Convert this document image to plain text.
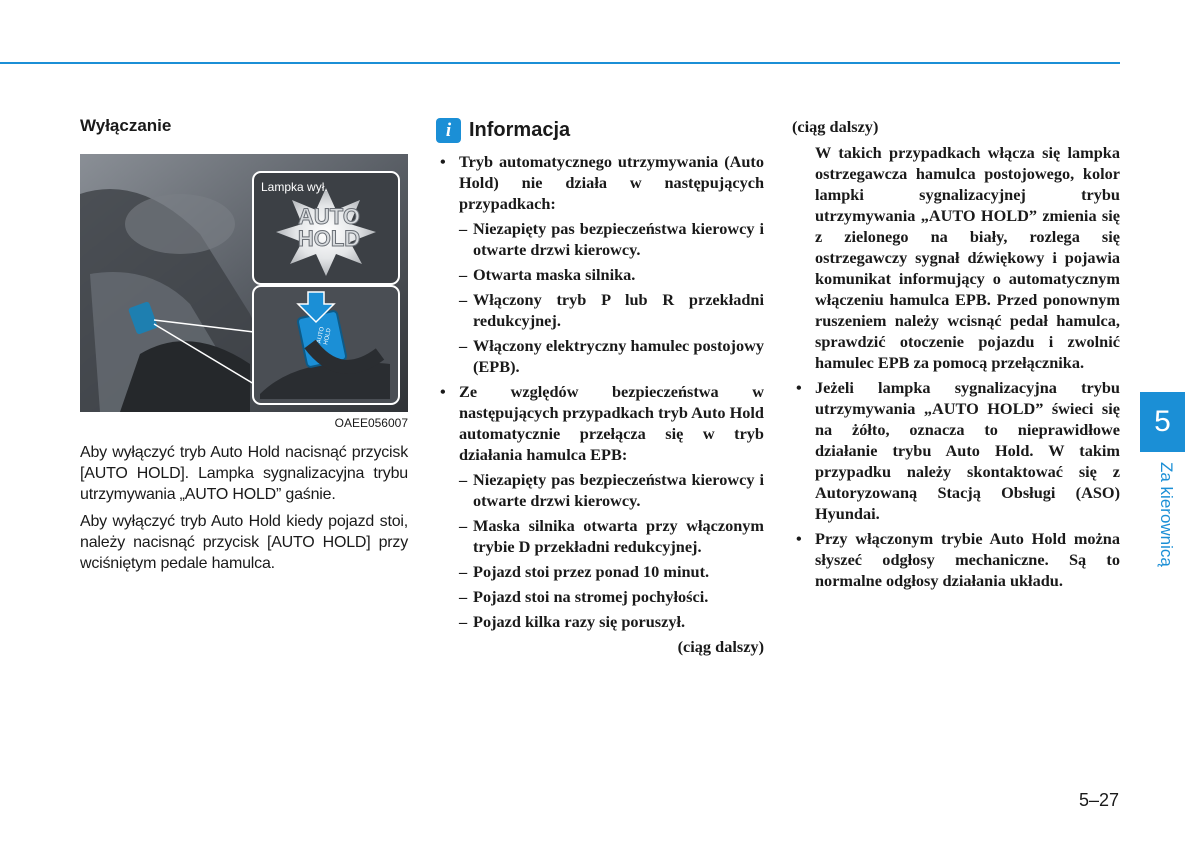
Wyłączanie
Lampka wył.
AUTO
HOLD
AUTO
HOLD
OAEE056007

Aby wyłączyć tryb Auto Hold nacisnąć przycisk [AUTO HOLD]. Lampka sygnalizacyjna trybu utrzymywania „AUTO HOLD” gaśnie.

Aby wyłączyć tryb Auto Hold kiedy pojazd stoi, należy nacisnąć przycisk [AUTO HOLD] przy wciśniętym pedale hamulca.

i Informacja
• Tryb automatycznego utrzymywania (Auto Hold) nie działa w następujących przypadkach:
– Niezapięty pas bezpieczeństwa kierowcy i otwarte drzwi kierowcy.
– Otwarta maska silnika.
– Włączony tryb P lub R przekładni redukcyjnej.
– Włączony elektryczny hamulec postojowy (EPB).
• Ze względów bezpieczeństwa w następujących przypadkach tryb Auto Hold automatycznie przełącza się w tryb działania hamulca EPB:
– Niezapięty pas bezpieczeństwa kierowcy i otwarte drzwi kierowcy.
– Maska silnika otwarta przy włączonym trybie D przekładni redukcyjnej.
– Pojazd stoi przez ponad 10 minut.
– Pojazd stoi na stromej pochyłości.
– Pojazd kilka razy się poruszył.
(ciąg dalszy)
(ciąg dalszy)
W takich przypadkach włącza się lampka ostrzegawcza hamulca postojowego, kolor lampki sygnalizacyjnej trybu utrzymywania „AUTO HOLD” zmienia się z zielonego na biały, rozlega się ostrzegawczy sygnał dźwiękowy i pojawia komunikat informujący o automatycznym włączeniu hamulca EPB. Przed ponownym ruszeniem należy wcisnąć pedał hamulca, sprawdzić otoczenie pojazdu i zwolnić hamulec EPB za pomocą przełącznika.
• Jeżeli lampka sygnalizacyjna trybu utrzymywania „AUTO HOLD” świeci się na żółto, oznacza to nieprawidłowe działanie trybu Auto Hold. W takim przypadku należy skontaktować się z Autoryzowaną Stacją Obsługi (ASO) Hyundai.
• Przy włączonym trybie Auto Hold można słyszeć odgłosy mechaniczne. Są to normalne odgłosy działania układu.
5
Za kierownicą
5–27
